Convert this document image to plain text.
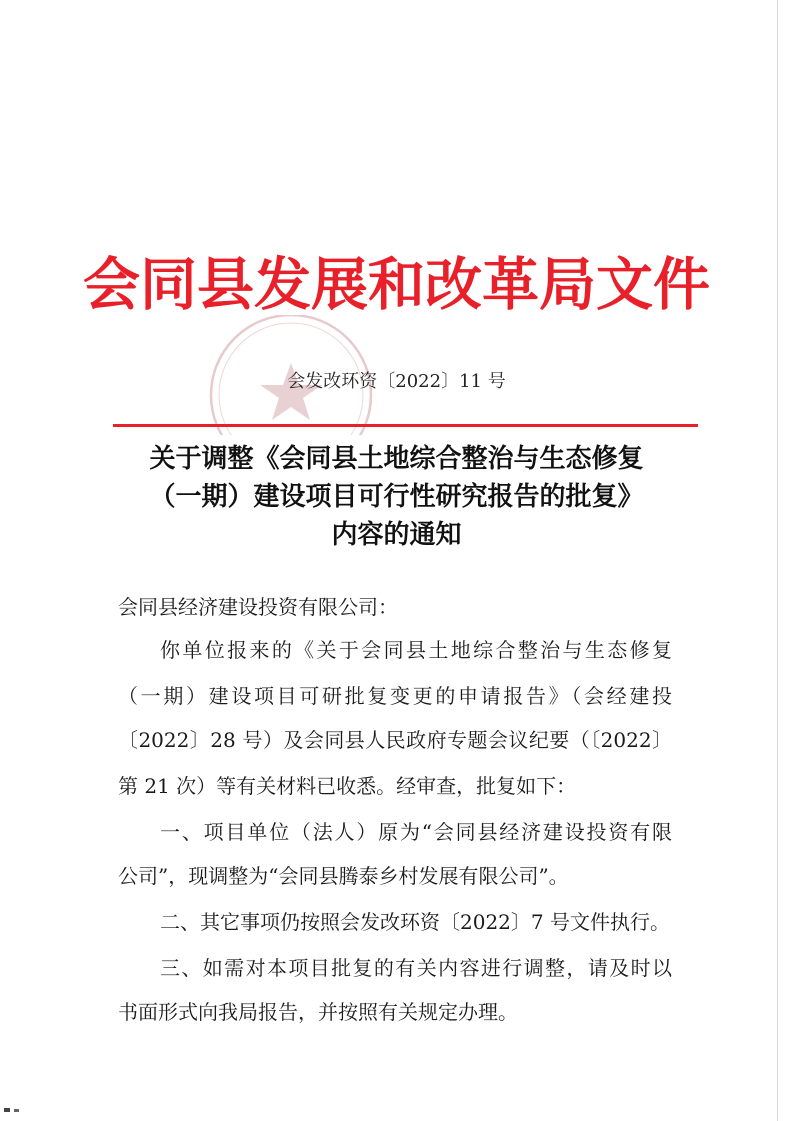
会同县发展和改革局文件
会发改环资〔2022〕11 号
关于调整《会同县土地综合整治与生态修复
（一期）建设项目可行性研究报告的批复》
内容的通知
会同县经济建设投资有限公司：
你单位报来的《关于会同县土地综合整治与生态修复
（一期）建设项目可研批复变更的申请报告》（会经建投
〔2022〕28 号）及会同县人民政府专题会议纪要（〔2022〕
第 21 次）等有关材料已收悉。经审查，批复如下：
一、项目单位（法人）原为“会同县经济建设投资有限
公司”，现调整为“会同县腾泰乡村发展有限公司”。
二、其它事项仍按照会发改环资〔2022〕7 号文件执行。
三、如需对本项目批复的有关内容进行调整，请及时以
书面形式向我局报告，并按照有关规定办理。
